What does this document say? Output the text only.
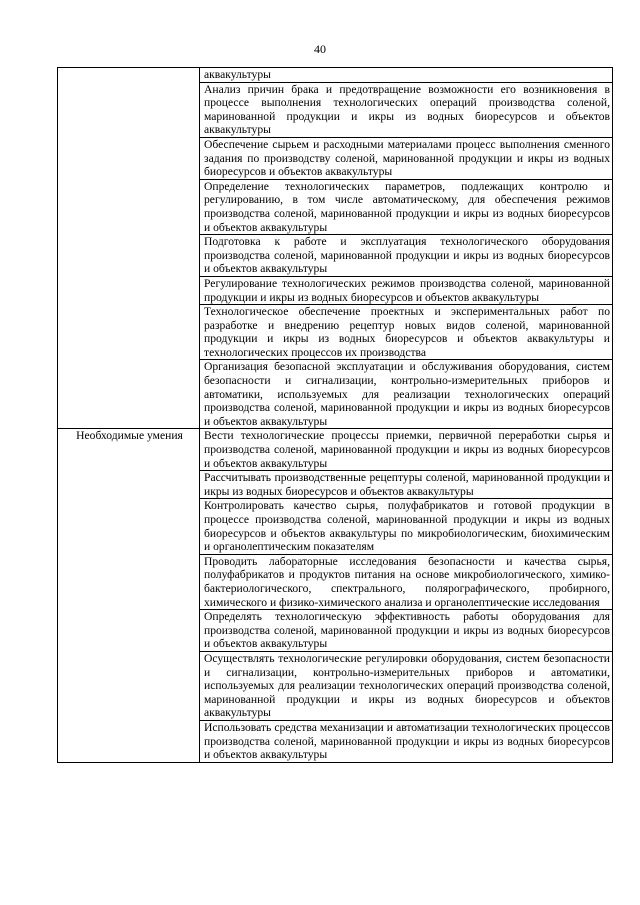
40
	аквакультуры
	Анализ причин брака и предотвращение возможности его возникновения в процессе выполнения технологических операций производства соленой, маринованной продукции и икры из водных биоресурсов и объектов аквакультуры
	Обеспечение сырьем и расходными материалами процесс выполнения сменного задания по производству соленой, маринованной продукции и икры из водных биоресурсов и объектов аквакультуры
	Определение технологических параметров, подлежащих контролю и регулированию, в том числе автоматическому, для обеспечения режимов производства соленой, маринованной продукции и икры из водных биоресурсов и объектов аквакультуры
	Подготовка к работе и эксплуатация технологического оборудования производства соленой, маринованной продукции и икры из водных биоресурсов и объектов аквакультуры
	Регулирование технологических режимов производства соленой, маринованной продукции и икры из водных биоресурсов и объектов аквакультуры
	Технологическое обеспечение проектных и экспериментальных работ по разработке и внедрению рецептур новых видов соленой, маринованной продукции и икры из водных биоресурсов и объектов аквакультуры и технологических процессов их производства
	Организация безопасной эксплуатации и обслуживания оборудования, систем безопасности и сигнализации, контрольно-измерительных приборов и автоматики, используемых для реализации технологических операций производства соленой, маринованной продукции и икры из водных биоресурсов и объектов аквакультуры
Необходимые умения	Вести технологические процессы приемки, первичной переработки сырья и производства соленой, маринованной продукции и икры из водных биоресурсов и объектов аквакультуры
	Рассчитывать производственные рецептуры соленой, маринованной продукции и икры из водных биоресурсов и объектов аквакультуры
	Контролировать качество сырья, полуфабрикатов и готовой продукции в процессе производства соленой, маринованной продукции и икры из водных биоресурсов и объектов аквакультуры по микробиологическим, биохимическим и органолептическим показателям
	Проводить лабораторные исследования безопасности и качества сырья, полуфабрикатов и продуктов питания на основе микробиологического, химико-бактериологического, спектрального, полярографического, пробирного, химического и физико-химического анализа и органолептические исследования
	Определять технологическую эффективность работы оборудования для производства соленой, маринованной продукции и икры из водных биоресурсов и объектов аквакультуры
	Осуществлять технологические регулировки оборудования, систем безопасности и сигнализации, контрольно-измерительных приборов и автоматики, используемых для реализации технологических операций производства соленой, маринованной продукции и икры из водных биоресурсов и объектов аквакультуры
	Использовать средства механизации и автоматизации технологических процессов производства соленой, маринованной продукции и икры из водных биоресурсов и объектов аквакультуры
